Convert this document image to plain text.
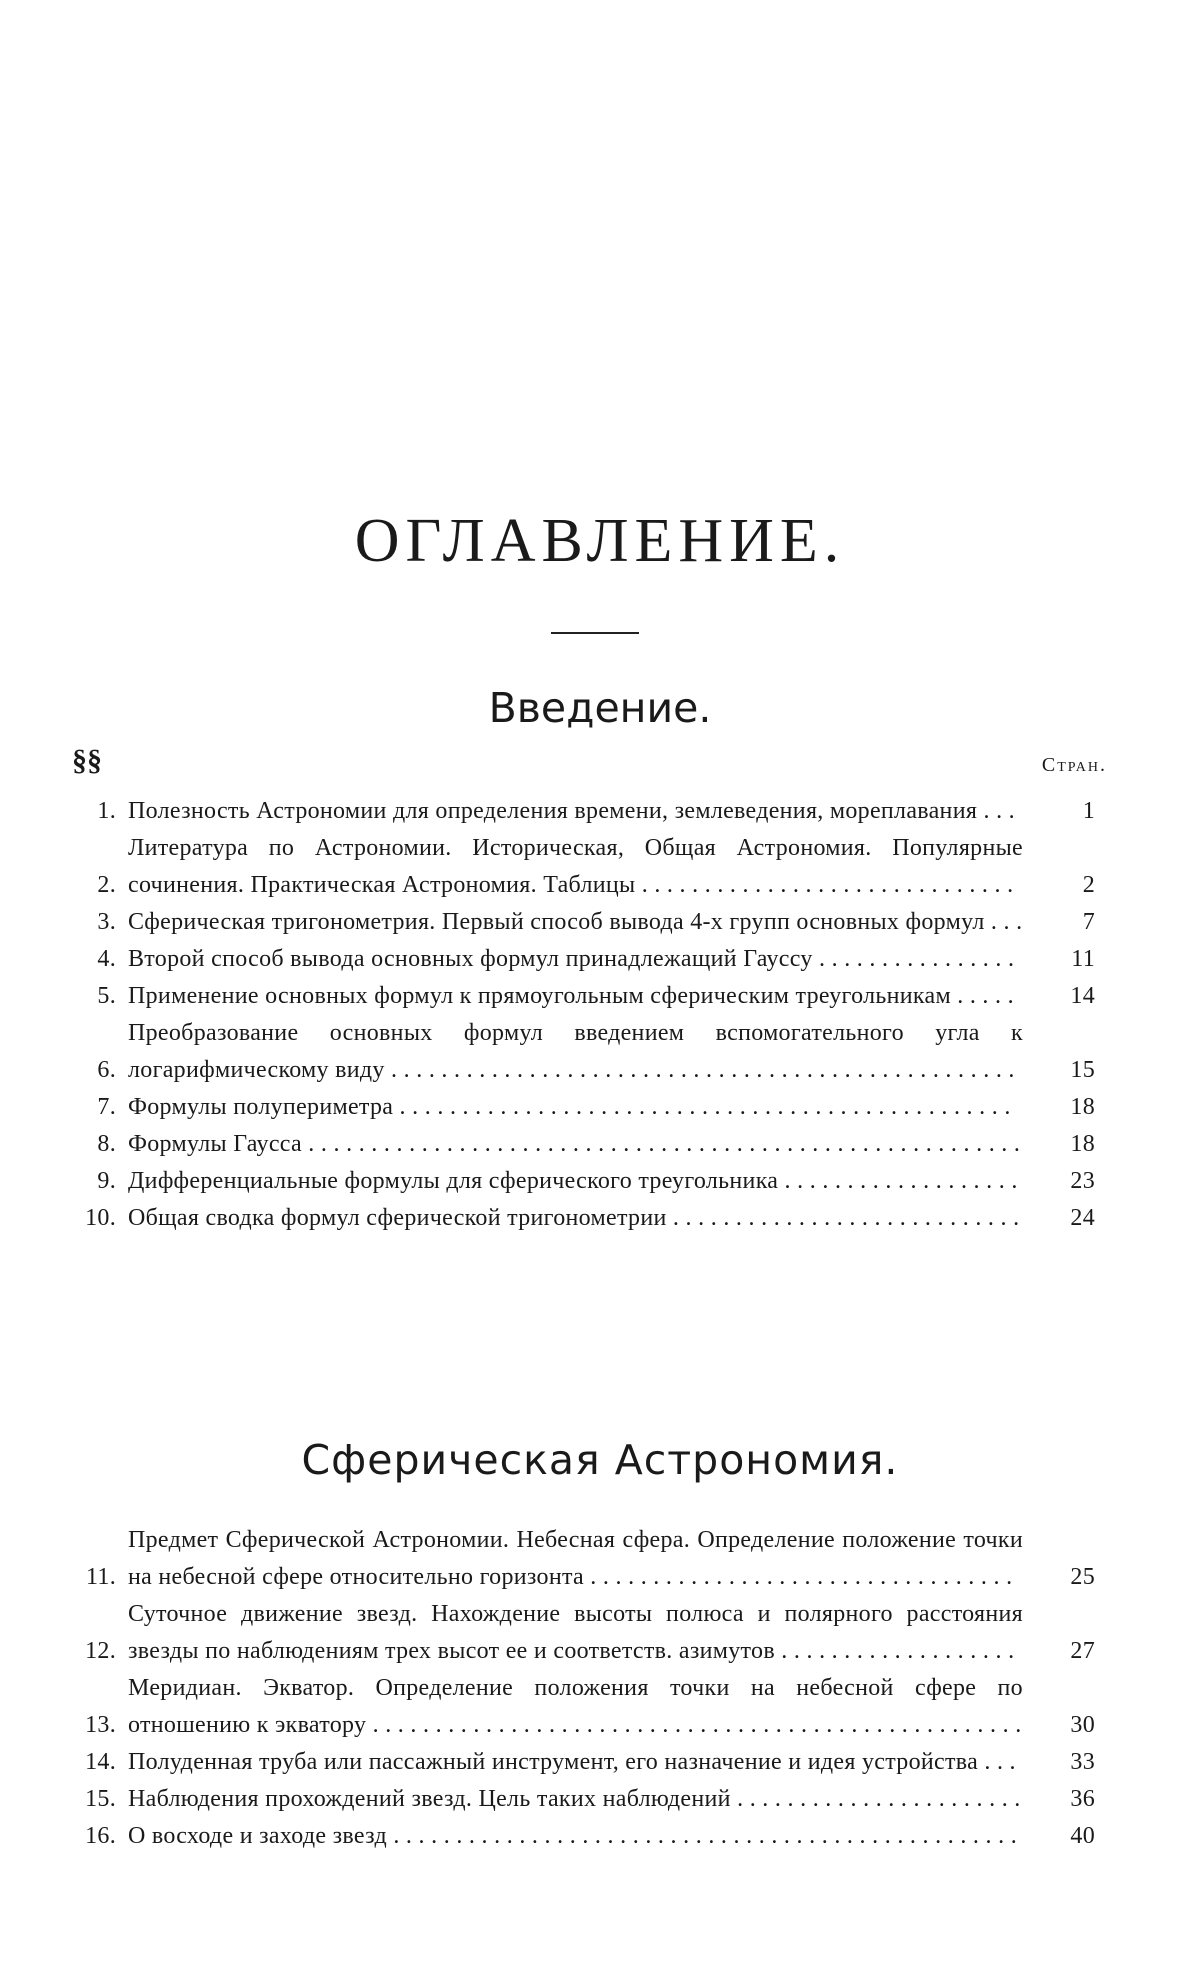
ОГЛАВЛЕНИЕ.
Введение.
§§	Стран.
1. Полезность Астрономии для определения времени, землеведения, мореплавания . . .	1
2.
Литература по Астрономии. Историческая, Общая Астрономия. Популярные сочинения. Практическая Астрономия. Таблицы . . . . . . . . . . . . . . . . . . . . . . . . . . . . . .	2
3. Сферическая тригонометрия. Первый способ вывода 4-х групп основных формул . . .	7
4. Второй способ вывода основных формул принадлежащий Гауссу . . . . . . . . . . . . . . . .	11
5. Применение основных формул к прямоугольным сферическим треугольникам . . . . .	14
6.
Преобразование основных формул введением вспомогательного угла к логарифмическому виду . . . . . . . . . . . . . . . . . . . . . . . . . . . . . . . . . . . . . . . . . . . . . . . . . .	15
7. Формулы полупериметра . . . . . . . . . . . . . . . . . . . . . . . . . . . . . . . . . . . . . . . . . . . . . . . . .	18
8. Формулы Гаусса . . . . . . . . . . . . . . . . . . . . . . . . . . . . . . . . . . . . . . . . . . . . . . . . . . . . . . . . .	18
9. Дифференциальные формулы для сферического треугольника . . . . . . . . . . . . . . . . . . .	23
10. Общая сводка формул сферической тригонометрии . . . . . . . . . . . . . . . . . . . . . . . . . . . .	24
Сферическая Астрономия.
11.
Предмет Сферической Астрономии. Небесная сфера. Определение положение точки на небесной сфере относительно горизонта . . . . . . . . . . . . . . . . . . . . . . . . . . . . . . . . . .	25
12.
Суточное движение звезд. Нахождение высоты полюса и полярного расстояния звезды по наблюдениям трех высот ее и соответств. азимутов . . . . . . . . . . . . . . . . . . .	27
13.
Меридиан. Экватор. Определение положения точки на небесной сфере по отношению к экватору . . . . . . . . . . . . . . . . . . . . . . . . . . . . . . . . . . . . . . . . . . . . . . . . . . . .	30
14. Полуденная труба или пассажный инструмент, его назначение и идея устройства . . .	33
15. Наблюдения прохождений звезд. Цель таких наблюдений . . . . . . . . . . . . . . . . . . . . . . .	36
16. О восходе и заходе звезд . . . . . . . . . . . . . . . . . . . . . . . . . . . . . . . . . . . . . . . . . . . . . . . . . .	40
